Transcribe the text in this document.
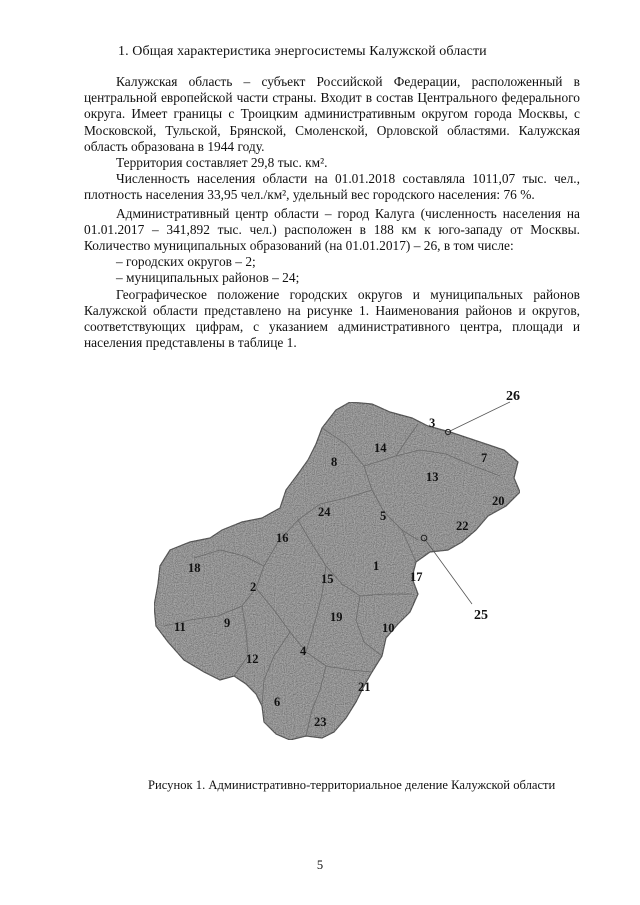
1. Общая характеристика энергосистемы Калужской области

Калужская область – субъект Российской Федерации, расположенный в центральной европейской части страны. Входит в состав Центрального федерального округа. Имеет границы с Троицким административным округом города Москвы, с Московской, Тульской, Брянской, Смоленской, Орловской областями. Калужская область образована в 1944 году.

Территория составляет 29,8 тыс. км².

Численность населения области на 01.01.2018 составляла 1011,07 тыс. чел., плотность населения 33,95 чел./км², удельный вес городского населения: 76 %.

Административный центр области – город Калуга (численность населения на 01.01.2017 – 341,892 тыс. чел.) расположен в 188 км к юго-западу от Москвы. Количество муниципальных образований (на 01.01.2017) – 26, в том числе:

– городских округов – 2;

– муниципальных районов – 24;

Географическое положение городских округов и муниципальных районов Калужской области представлено на рисунке 1. Наименования районов и округов, соответствующих цифрам, с указанием административного центра, площади и населения представлены в таблице 1.

26
3
14
7
8
13
20
24	5
22
16
1
18
2
15	17
25
11	9	19
10
12
4
21
6
23
Рисунок 1. Административно-территориальное деление Калужской области
5
